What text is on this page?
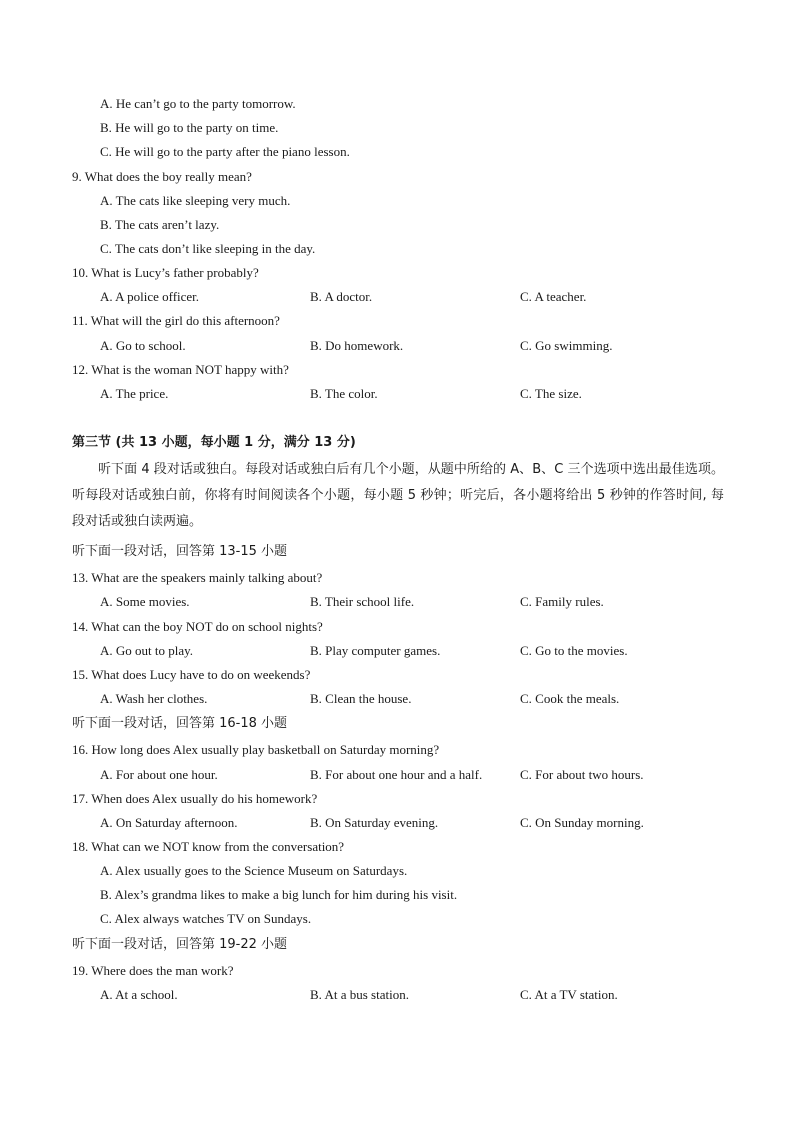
A. He can’t go to the party tomorrow.
B. He will go to the party on time.
C. He will go to the party after the piano lesson.
9. What does the boy really mean?
A. The cats like sleeping very much.
B. The cats aren’t lazy.
C. The cats don’t like sleeping in the day.
10. What is Lucy’s father probably?
A. A police officer.	B. A doctor.	C. A teacher.
11. What will the girl do this afternoon?
A. Go to school.	B. Do homework.	C. Go swimming.
12. What is the woman NOT happy with?
A. The price.	B. The color.	C. The size.
第三节 (共 13 小题，每小题 1 分，满分 13 分)
听下面 4 段对话或独白。每段对话或独白后有几个小题，从题中所给的 A、B、C 三个选项中选出最佳选项。听每段对话或独白前，你将有时间阅读各个小题，每小题 5 秒钟；听完后，各小题将给出 5 秒钟的作答时间, 每段对话或独白读两遍。
听下面一段对话，回答第 13-15 小题
13. What are the speakers mainly talking about?
A. Some movies.	B. Their school life.	C. Family rules.
14. What can the boy NOT do on school nights?
A. Go out to play.	B. Play computer games.	C. Go to the movies.
15. What does Lucy have to do on weekends?
A. Wash her clothes.	B. Clean the house.	C. Cook the meals.
听下面一段对话，回答第 16-18 小题
16. How long does Alex usually play basketball on Saturday morning?
A. For about one hour.	B. For about one hour and a half.	C. For about two hours.
17. When does Alex usually do his homework?
A. On Saturday afternoon.	B. On Saturday evening.	C. On Sunday morning.
18. What can we NOT know from the conversation?
A. Alex usually goes to the Science Museum on Saturdays.
B. Alex’s grandma likes to make a big lunch for him during his visit.
C. Alex always watches TV on Sundays.
听下面一段对话，回答第 19-22 小题
19. Where does the man work?
A. At a school.	B. At a bus station.	C. At a TV station.
